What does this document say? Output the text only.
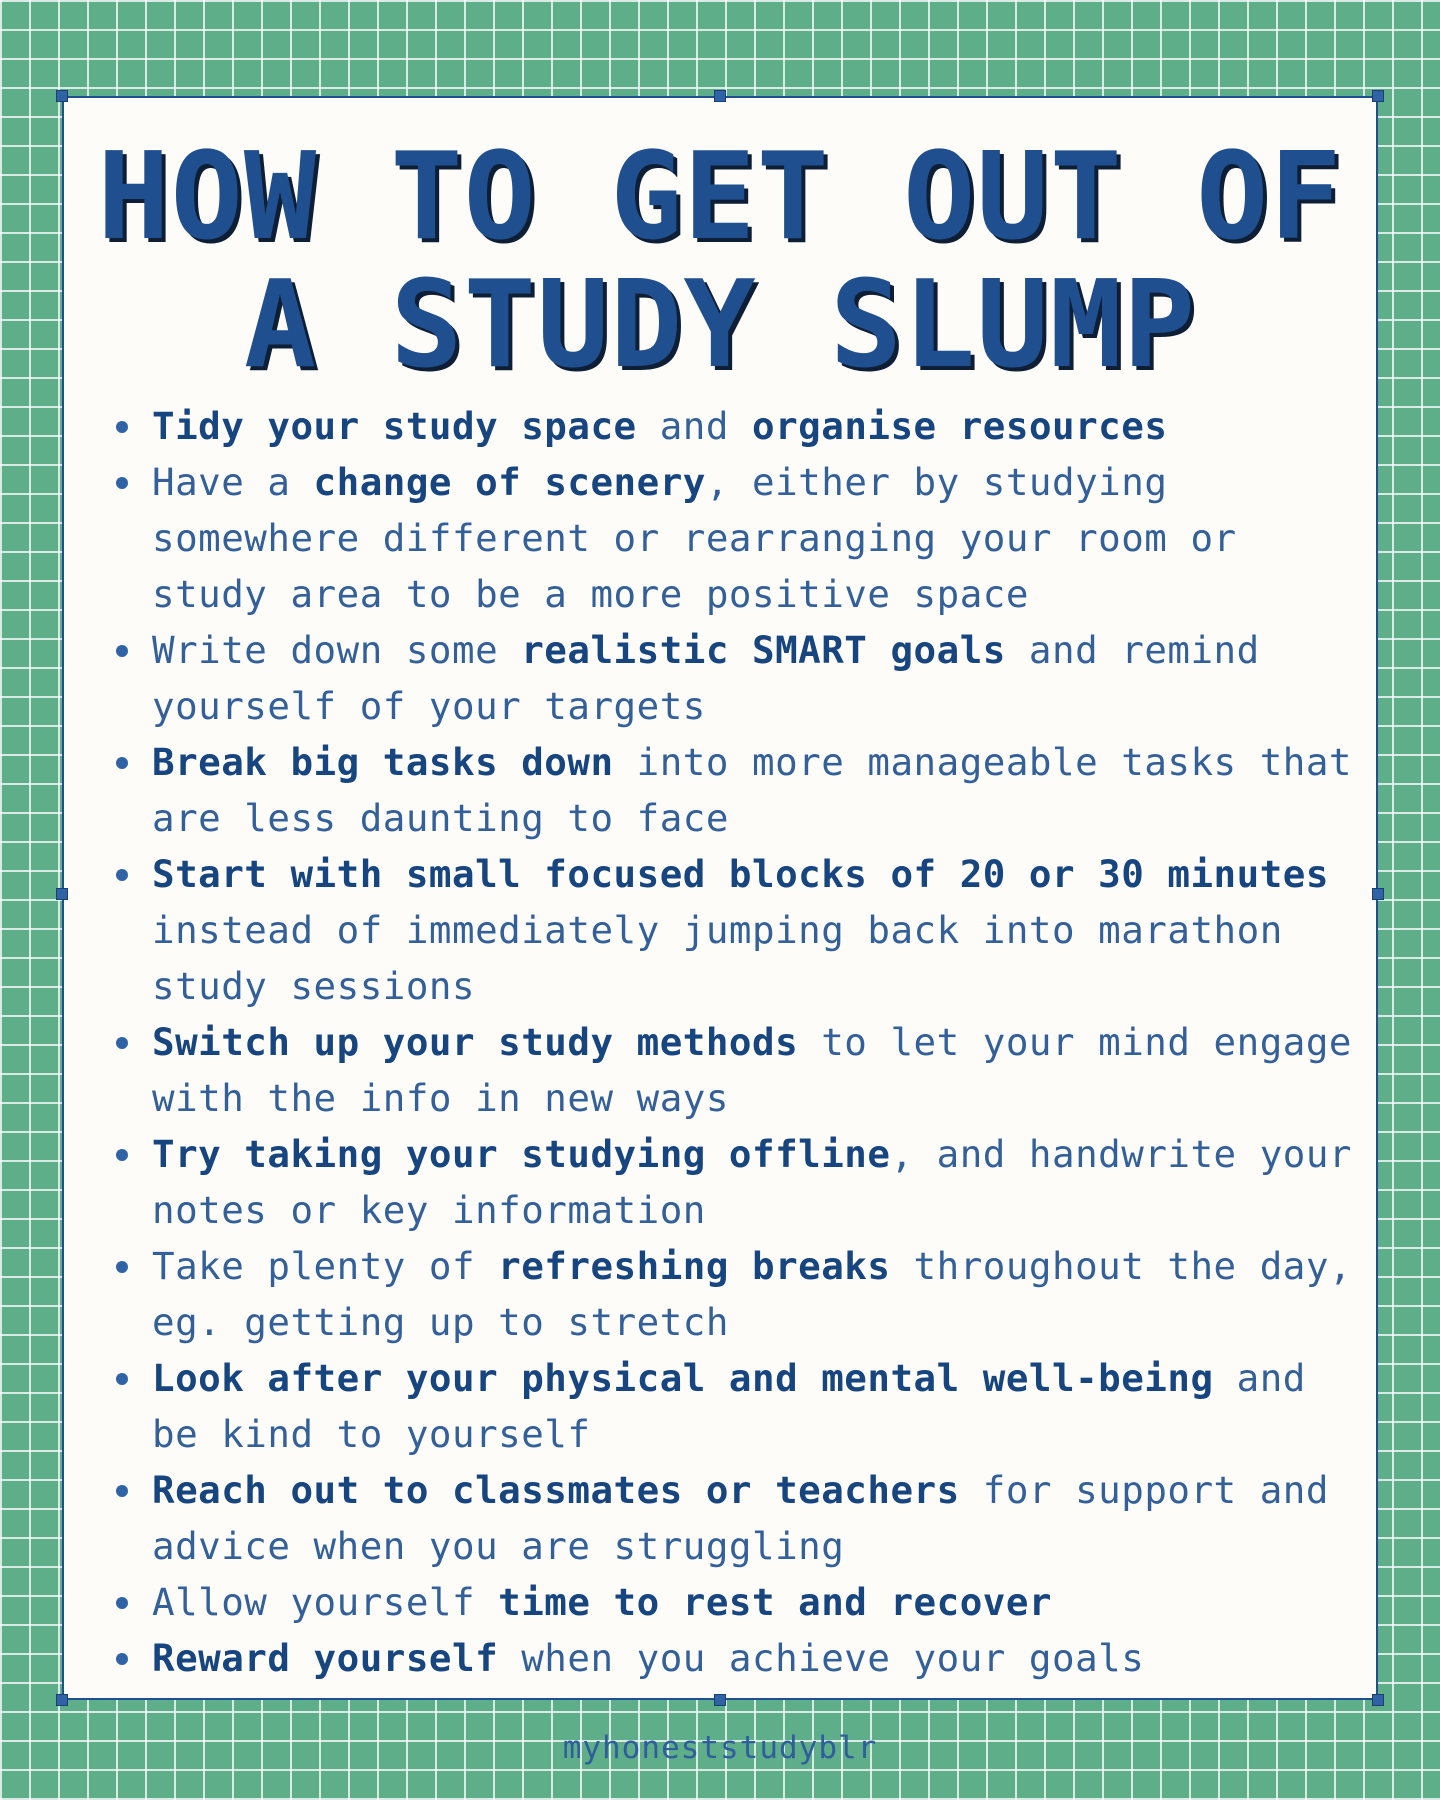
HOW TO GET OUT OF
A STUDY SLUMP
Tidy your study space and organise resources
Have a change of scenery, either by studying somewhere different or rearranging your room or study area to be a more positive space
Write down some realistic SMART goals and remind yourself of your targets
Break big tasks down into more manageable tasks that are less daunting to face
Start with small focused blocks of 20 or 30 minutes instead of immediately jumping back into marathon study sessions
Switch up your study methods to let your mind engage with the info in new ways
Try taking your studying offline, and handwrite your notes or key information
Take plenty of refreshing breaks throughout the day, eg. getting up to stretch
Look after your physical and mental well-being and be kind to yourself
Reach out to classmates or teachers for support and advice when you are struggling
Allow yourself time to rest and recover
Reward yourself when you achieve your goals
myhoneststudyblr
